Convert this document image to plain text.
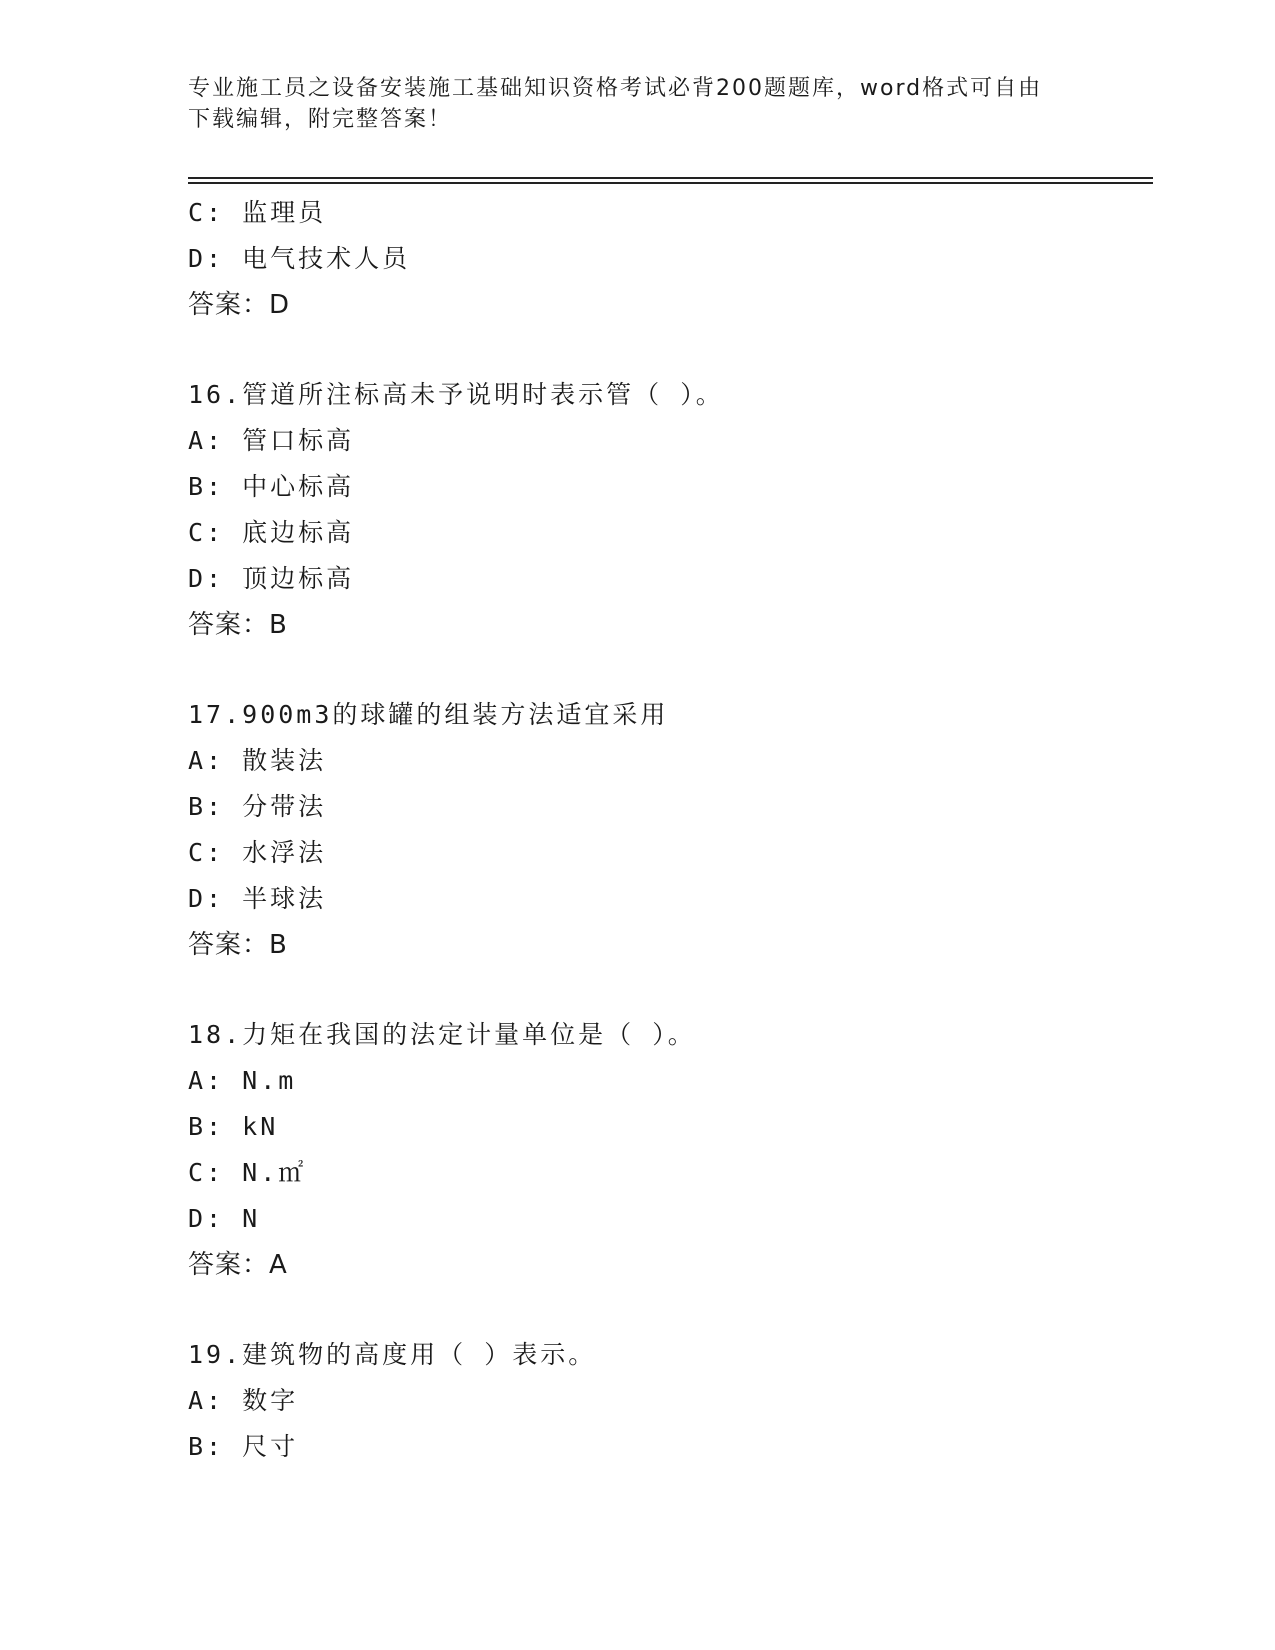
专业施工员之设备安装施工基础知识资格考试必背200题题库，word格式可自由
下载编辑，附完整答案！
C: 监理员
D: 电气技术人员
答案：D
16.管道所注标高未予说明时表示管（ ）。
A: 管口标高
B: 中心标高
C: 底边标高
D: 顶边标高
答案：B
17.900m3的球罐的组装方法适宜采用
A: 散装法
B: 分带法
C: 水浮法
D: 半球法
答案：B
18.力矩在我国的法定计量单位是（ ）。
A: N.m
B: kN
C: N.㎡
D: N
答案：A
19.建筑物的高度用（ ）表示。
A: 数字
B: 尺寸
